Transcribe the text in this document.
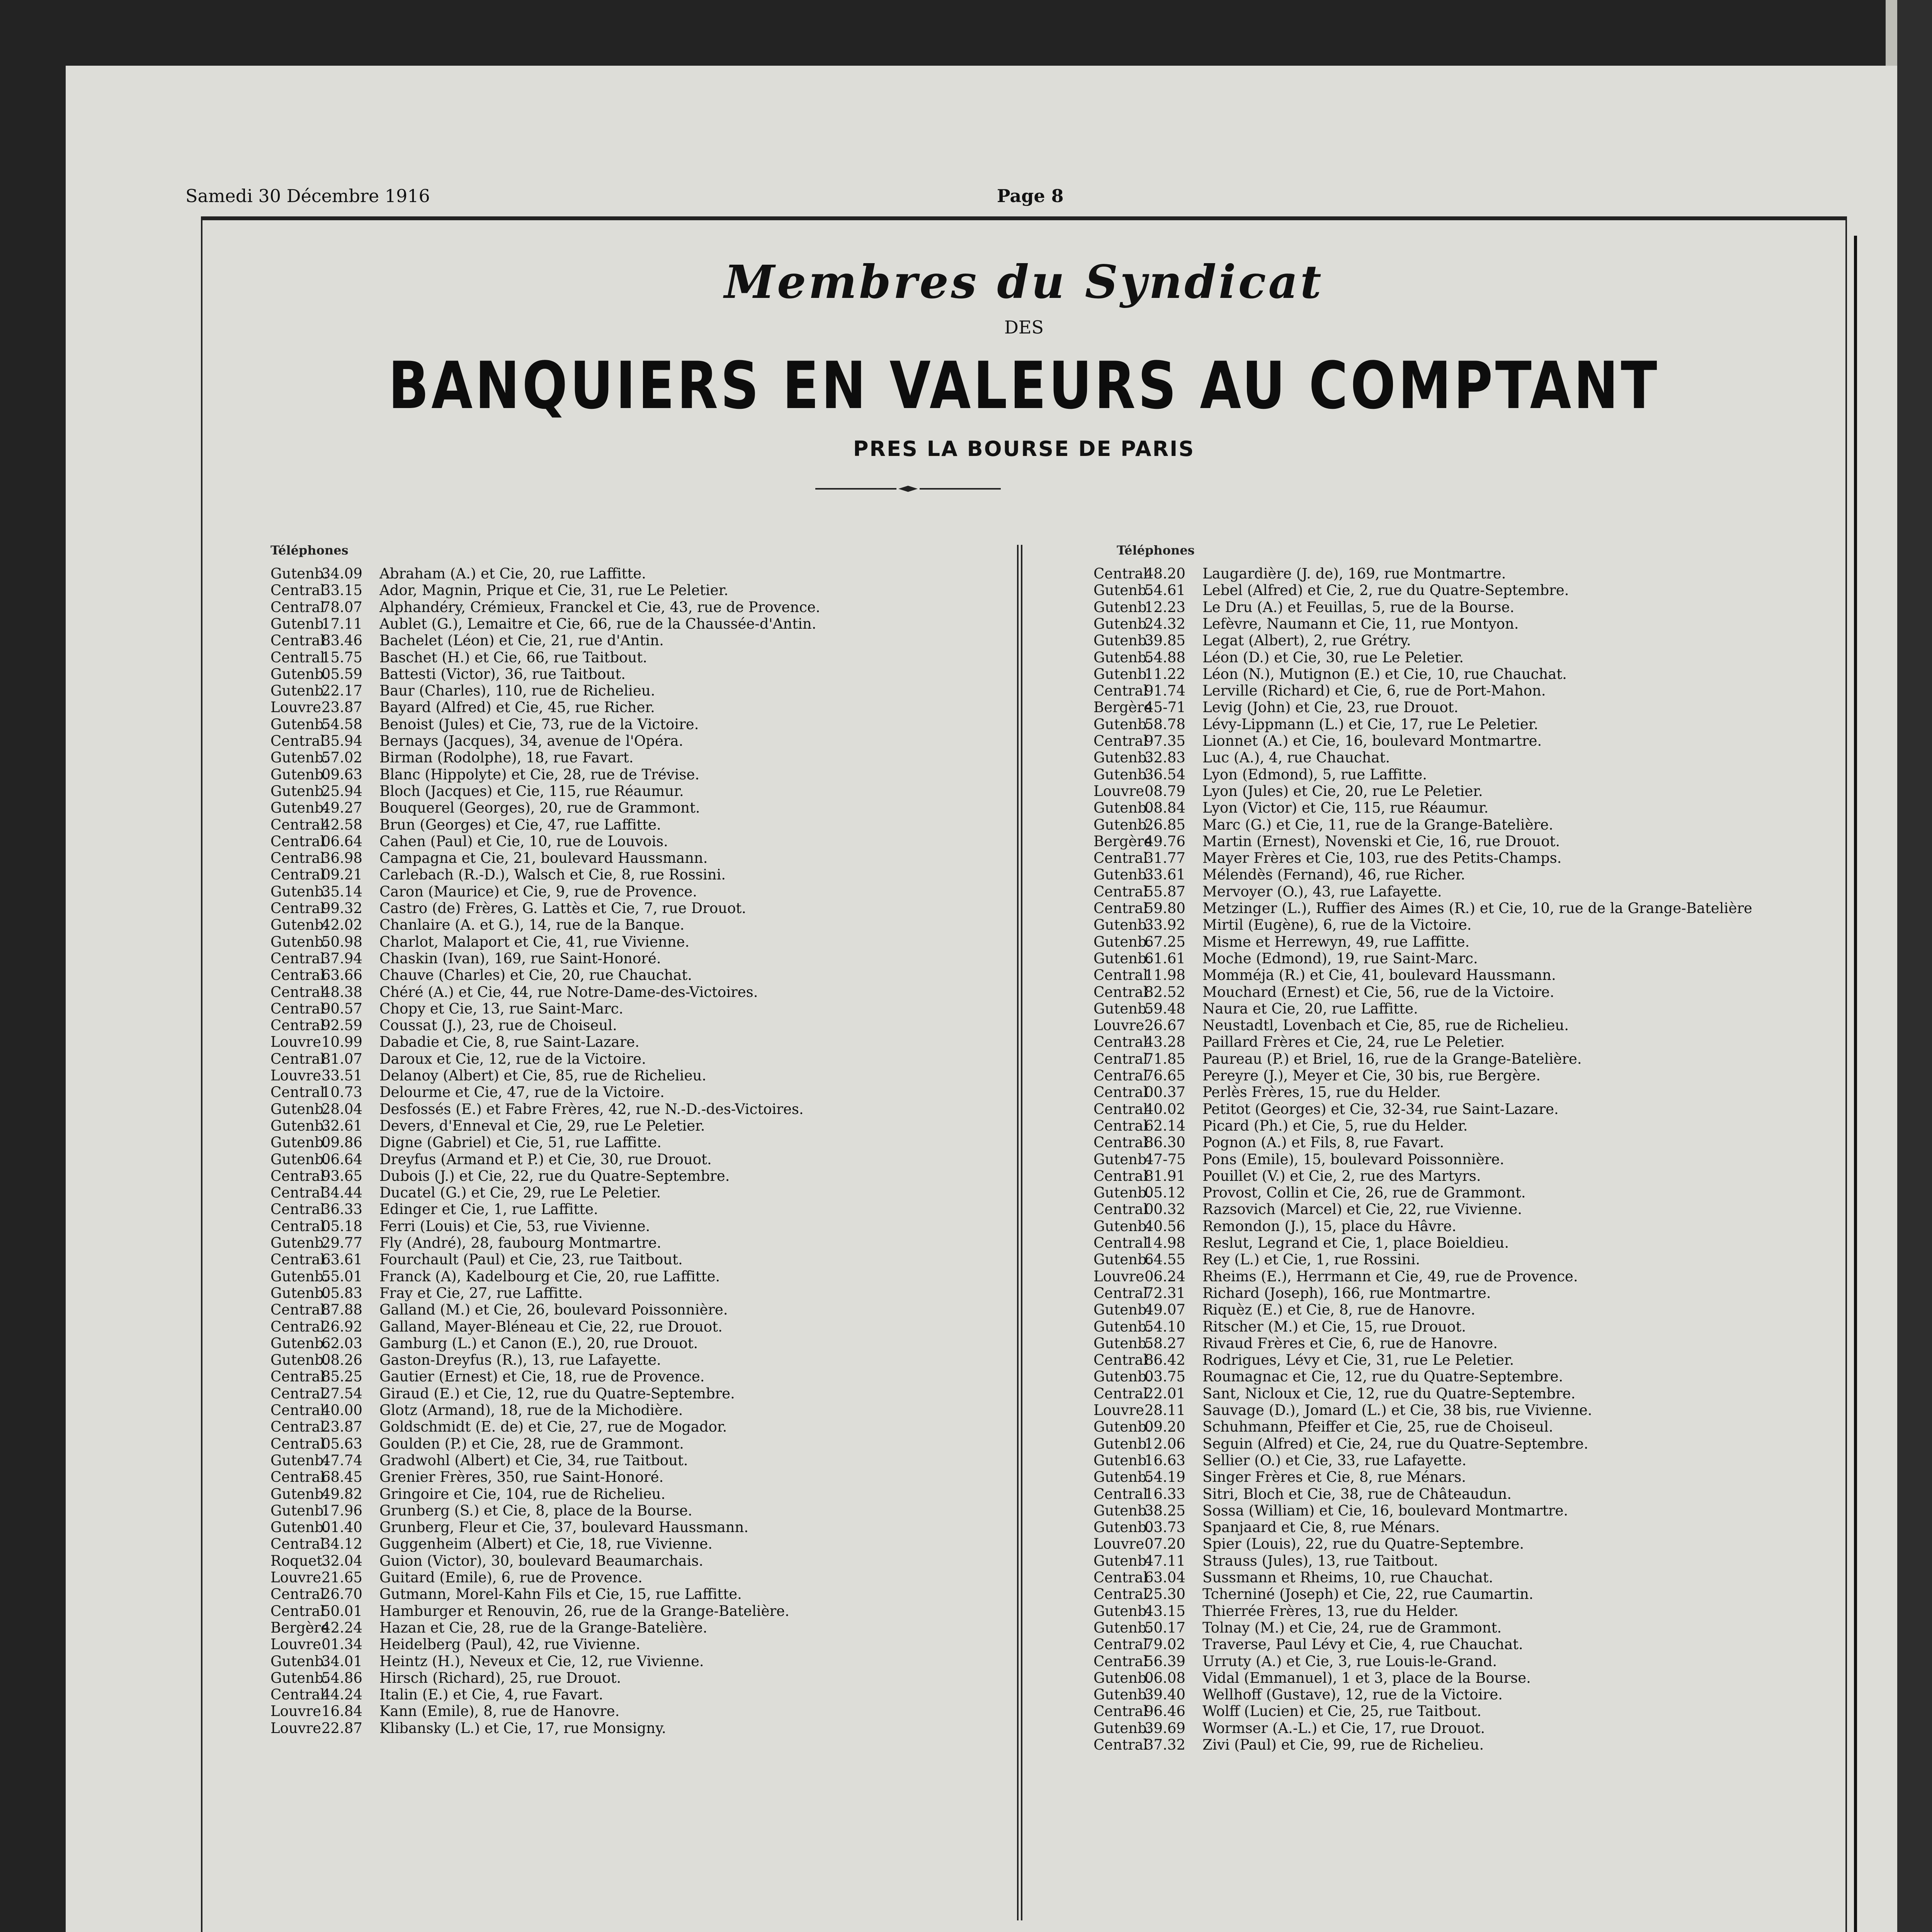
Samedi 30 Décembre 1916	Page 8
Membres du Syndicat
DES
BANQUIERS EN VALEURS AU COMPTANT
PRES LA BOURSE DE PARIS
Téléphones	Téléphones
Gutenb.34.09 Abraham (A.) et Cie, 20, rue Laffitte.
Central33.15 Ador, Magnin, Prique et Cie, 31, rue Le Peletier.
Central78.07 Alphandéry, Crémieux, Franckel et Cie, 43, rue de Provence.
Gutenb.17.11 Aublet (G.), Lemaitre et Cie, 66, rue de la Chaussée-d'Antin.
Central83.46 Bachelet (Léon) et Cie, 21, rue d'Antin.
Central15.75 Baschet (H.) et Cie, 66, rue Taitbout.
Gutenb.05.59 Battesti (Victor), 36, rue Taitbout.
Gutenb.22.17 Baur (Charles), 110, rue de Richelieu.
Louvre23.87 Bayard (Alfred) et Cie, 45, rue Richer.
Gutenb.54.58 Benoist (Jules) et Cie, 73, rue de la Victoire.
Central35.94 Bernays (Jacques), 34, avenue de l'Opéra.
Gutenb.57.02 Birman (Rodolphe), 18, rue Favart.
Gutenb.09.63 Blanc (Hippolyte) et Cie, 28, rue de Trévise.
Gutenb.25.94 Bloch (Jacques) et Cie, 115, rue Réaumur.
Gutenb.49.27 Bouquerel (Georges), 20, rue de Grammont.
Central42.58 Brun (Georges) et Cie, 47, rue Laffitte.
Central06.64 Cahen (Paul) et Cie, 10, rue de Louvois.
Central36.98 Campagna et Cie, 21, boulevard Haussmann.
Central09.21 Carlebach (R.-D.), Walsch et Cie, 8, rue Rossini.
Gutenb.35.14 Caron (Maurice) et Cie, 9, rue de Provence.
Central99.32 Castro (de) Frères, G. Lattès et Cie, 7, rue Drouot.
Gutenb.42.02 Chanlaire (A. et G.), 14, rue de la Banque.
Gutenb.50.98 Charlot, Malaport et Cie, 41, rue Vivienne.
Central37.94 Chaskin (Ivan), 169, rue Saint-Honoré.
Central63.66 Chauve (Charles) et Cie, 20, rue Chauchat.
Central48.38 Chéré (A.) et Cie, 44, rue Notre-Dame-des-Victoires.
Central90.57 Chopy et Cie, 13, rue Saint-Marc.
Central92.59 Coussat (J.), 23, rue de Choiseul.
Louvre10.99 Dabadie et Cie, 8, rue Saint-Lazare.
Central81.07 Daroux et Cie, 12, rue de la Victoire.
Louvre33.51 Delanoy (Albert) et Cie, 85, rue de Richelieu.
Central10.73 Delourme et Cie, 47, rue de la Victoire.
Gutenb.28.04 Desfossés (E.) et Fabre Frères, 42, rue N.-D.-des-Victoires.
Gutenb.32.61 Devers, d'Enneval et Cie, 29, rue Le Peletier.
Gutenb.09.86 Digne (Gabriel) et Cie, 51, rue Laffitte.
Gutenb.06.64 Dreyfus (Armand et P.) et Cie, 30, rue Drouot.
Central93.65 Dubois (J.) et Cie, 22, rue du Quatre-Septembre.
Central34.44 Ducatel (G.) et Cie, 29, rue Le Peletier.
Central36.33 Edinger et Cie, 1, rue Laffitte.
Central05.18 Ferri (Louis) et Cie, 53, rue Vivienne.
Gutenb.29.77 Fly (André), 28, faubourg Montmartre.
Central63.61 Fourchault (Paul) et Cie, 23, rue Taitbout.
Gutenb.55.01 Franck (A), Kadelbourg et Cie, 20, rue Laffitte.
Gutenb.05.83 Fray et Cie, 27, rue Laffitte.
Central87.88 Galland (M.) et Cie, 26, boulevard Poissonnière.
Central26.92 Galland, Mayer-Bléneau et Cie, 22, rue Drouot.
Gutenb.62.03 Gamburg (L.) et Canon (E.), 20, rue Drouot.
Gutenb.08.26 Gaston-Dreyfus (R.), 13, rue Lafayette.
Central85.25 Gautier (Ernest) et Cie, 18, rue de Provence.
Central27.54 Giraud (E.) et Cie, 12, rue du Quatre-Septembre.
Central40.00 Glotz (Armand), 18, rue de la Michodière.
Central23.87 Goldschmidt (E. de) et Cie, 27, rue de Mogador.
Central05.63 Goulden (P.) et Cie, 28, rue de Grammont.
Gutenb.47.74 Gradwohl (Albert) et Cie, 34, rue Taitbout.
Central68.45 Grenier Frères, 350, rue Saint-Honoré.
Gutenb.49.82 Gringoire et Cie, 104, rue de Richelieu.
Gutenb.17.96 Grunberg (S.) et Cie, 8, place de la Bourse.
Gutenb.01.40 Grunberg, Fleur et Cie, 37, boulevard Haussmann.
Central34.12 Guggenheim (Albert) et Cie, 18, rue Vivienne.
Roquet.32.04 Guion (Victor), 30, boulevard Beaumarchais.
Louvre21.65 Guitard (Emile), 6, rue de Provence.
Central26.70 Gutmann, Morel-Kahn Fils et Cie, 15, rue Laffitte.
Central50.01 Hamburger et Renouvin, 26, rue de la Grange-Batelière.
Bergère42.24 Hazan et Cie, 28, rue de la Grange-Batelière.
Louvre01.34 Heidelberg (Paul), 42, rue Vivienne.
Gutenb.34.01 Heintz (H.), Neveux et Cie, 12, rue Vivienne.
Gutenb.54.86 Hirsch (Richard), 25, rue Drouot.
Central44.24 Italin (E.) et Cie, 4, rue Favart.
Louvre16.84 Kann (Emile), 8, rue de Hanovre.
Louvre22.87 Klibansky (L.) et Cie, 17, rue Monsigny.
Central48.20 Laugardière (J. de), 169, rue Montmartre.
Gutenb.54.61 Lebel (Alfred) et Cie, 2, rue du Quatre-Septembre.
Gutenb.12.23 Le Dru (A.) et Feuillas, 5, rue de la Bourse.
Gutenb.24.32 Lefèvre, Naumann et Cie, 11, rue Montyon.
Gutenb.39.85 Legat (Albert), 2, rue Grétry.
Gutenb.54.88 Léon (D.) et Cie, 30, rue Le Peletier.
Gutenb.11.22 Léon (N.), Mutignon (E.) et Cie, 10, rue Chauchat.
Central91.74 Lerville (Richard) et Cie, 6, rue de Port-Mahon.
Bergère45-71 Levig (John) et Cie, 23, rue Drouot.
Gutenb.58.78 Lévy-Lippmann (L.) et Cie, 17, rue Le Peletier.
Central97.35 Lionnet (A.) et Cie, 16, boulevard Montmartre.
Gutenb.32.83 Luc (A.), 4, rue Chauchat.
Gutenb.36.54 Lyon (Edmond), 5, rue Laffitte.
Louvre08.79 Lyon (Jules) et Cie, 20, rue Le Peletier.
Gutenb.08.84 Lyon (Victor) et Cie, 115, rue Réaumur.
Gutenb.26.85 Marc (G.) et Cie, 11, rue de la Grange-Batelière.
Bergère49.76 Martin (Ernest), Novenski et Cie, 16, rue Drouot.
Central31.77 Mayer Frères et Cie, 103, rue des Petits-Champs.
Gutenb.33.61 Mélendès (Fernand), 46, rue Richer.
Central55.87 Mervoyer (O.), 43, rue Lafayette.
Central59.80 Metzinger (L.), Ruffier des Aimes (R.) et Cie, 10, rue de la Grange-Batelière
Gutenb.33.92 Mirtil (Eugène), 6, rue de la Victoire.
Gutenb.67.25 Misme et Herrewyn, 49, rue Laffitte.
Gutenb.61.61 Moche (Edmond), 19, rue Saint-Marc.
Central11.98 Momméja (R.) et Cie, 41, boulevard Haussmann.
Central82.52 Mouchard (Ernest) et Cie, 56, rue de la Victoire.
Gutenb.59.48 Naura et Cie, 20, rue Laffitte.
Louvre26.67 Neustadtl, Lovenbach et Cie, 85, rue de Richelieu.
Central43.28 Paillard Frères et Cie, 24, rue Le Peletier.
Central71.85 Paureau (P.) et Briel, 16, rue de la Grange-Batelière.
Central76.65 Pereyre (J.), Meyer et Cie, 30 bis, rue Bergère.
Central00.37 Perlès Frères, 15, rue du Helder.
Central40.02 Petitot (Georges) et Cie, 32-34, rue Saint-Lazare.
Central62.14 Picard (Ph.) et Cie, 5, rue du Helder.
Central86.30 Pognon (A.) et Fils, 8, rue Favart.
Gutenb.47-75 Pons (Emile), 15, boulevard Poissonnière.
Central81.91 Pouillet (V.) et Cie, 2, rue des Martyrs.
Gutenb.05.12 Provost, Collin et Cie, 26, rue de Grammont.
Central00.32 Razsovich (Marcel) et Cie, 22, rue Vivienne.
Gutenb.40.56 Remondon (J.), 15, place du Hâvre.
Central14.98 Reslut, Legrand et Cie, 1, place Boieldieu.
Gutenb.64.55 Rey (L.) et Cie, 1, rue Rossini.
Louvre06.24 Rheims (E.), Herrmann et Cie, 49, rue de Provence.
Central72.31 Richard (Joseph), 166, rue Montmartre.
Gutenb.49.07 Riquèz (E.) et Cie, 8, rue de Hanovre.
Gutenb.54.10 Ritscher (M.) et Cie, 15, rue Drouot.
Gutenb.58.27 Rivaud Frères et Cie, 6, rue de Hanovre.
Central86.42 Rodrigues, Lévy et Cie, 31, rue Le Peletier.
Gutenb.03.75 Roumagnac et Cie, 12, rue du Quatre-Septembre.
Central22.01 Sant, Nicloux et Cie, 12, rue du Quatre-Septembre.
Louvre28.11 Sauvage (D.), Jomard (L.) et Cie, 38 bis, rue Vivienne.
Gutenb.09.20 Schuhmann, Pfeiffer et Cie, 25, rue de Choiseul.
Gutenb.12.06 Seguin (Alfred) et Cie, 24, rue du Quatre-Septembre.
Gutenb.16.63 Sellier (O.) et Cie, 33, rue Lafayette.
Gutenb.54.19 Singer Frères et Cie, 8, rue Ménars.
Central16.33 Sitri, Bloch et Cie, 38, rue de Châteaudun.
Gutenb.38.25 Sossa (William) et Cie, 16, boulevard Montmartre.
Gutenb.03.73 Spanjaard et Cie, 8, rue Ménars.
Louvre07.20 Spier (Louis), 22, rue du Quatre-Septembre.
Gutenb.47.11 Strauss (Jules), 13, rue Taitbout.
Central63.04 Sussmann et Rheims, 10, rue Chauchat.
Central25.30 Tcherniné (Joseph) et Cie, 22, rue Caumartin.
Gutenb.43.15 Thierrée Frères, 13, rue du Helder.
Gutenb.50.17 Tolnay (M.) et Cie, 24, rue de Grammont.
Central79.02 Traverse, Paul Lévy et Cie, 4, rue Chauchat.
Central56.39 Urruty (A.) et Cie, 3, rue Louis-le-Grand.
Gutenb.06.08 Vidal (Emmanuel), 1 et 3, place de la Bourse.
Gutenb.39.40 Wellhoff (Gustave), 12, rue de la Victoire.
Central96.46 Wolff (Lucien) et Cie, 25, rue Taitbout.
Gutenb.39.69 Wormser (A.-L.) et Cie, 17, rue Drouot.
Central37.32 Zivi (Paul) et Cie, 99, rue de Richelieu.
